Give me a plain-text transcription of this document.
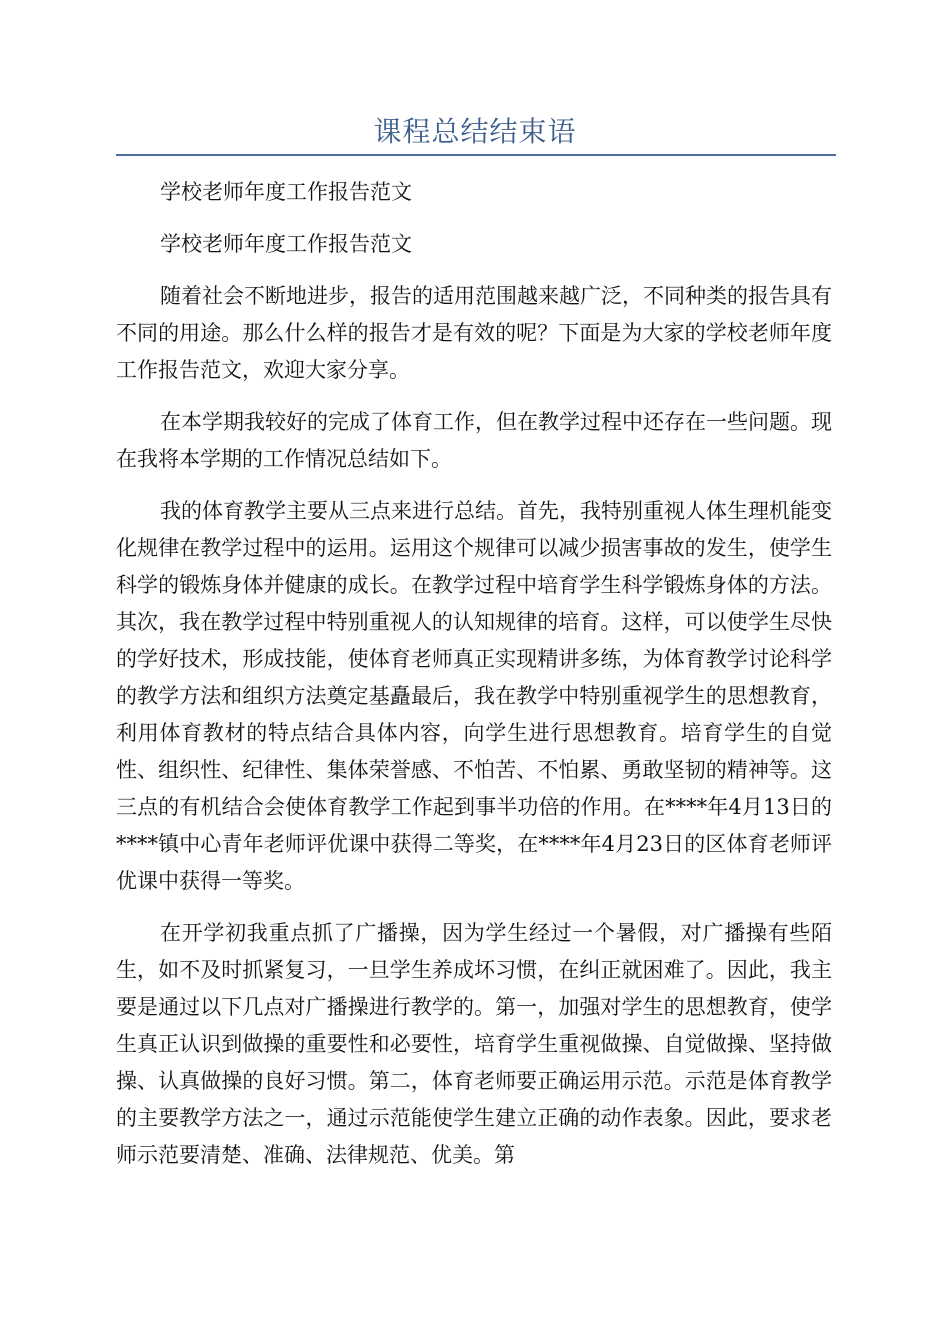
课程总结结束语

学校老师年度工作报告范文

学校老师年度工作报告范文

随着社会不断地进步，报告的适用范围越来越广泛，不同种类的报告具有不同的用途。那么什么样的报告才是有效的呢？下面是为大家的学校老师年度工作报告范文，欢迎大家分享。

在本学期我较好的完成了体育工作，但在教学过程中还存在一些问题。现在我将本学期的工作情况总结如下。

我的体育教学主要从三点来进行总结。首先，我特别重视人体生理机能变化规律在教学过程中的运用。运用这个规律可以减少损害事故的发生，使学生科学的锻炼身体并健康的成长。在教学过程中培育学生科学锻炼身体的方法。其次，我在教学过程中特别重视人的认知规律的培育。这样，可以使学生尽快的学好技术，形成技能，使体育老师真正实现精讲多练，为体育教学讨论科学的教学方法和组织方法奠定基矗最后，我在教学中特别重视学生的思想教育，利用体育教材的特点结合具体内容，向学生进行思想教育。培育学生的自觉性、组织性、纪律性、集体荣誉感、不怕苦、不怕累、勇敢坚韧的精神等。这三点的有机结合会使体育教学工作起到事半功倍的作用。在****年4月13日的****镇中心青年老师评优课中获得二等奖，在****年4月23日的区体育老师评优课中获得一等奖。

在开学初我重点抓了广播操，因为学生经过一个暑假，对广播操有些陌生，如不及时抓紧复习，一旦学生养成坏习惯，在纠正就困难了。因此，我主要是通过以下几点对广播操进行教学的。第一，加强对学生的思想教育，使学生真正认识到做操的重要性和必要性，培育学生重视做操、自觉做操、坚持做操、认真做操的良好习惯。第二，体育老师要正确运用示范。示范是体育教学的主要教学方法之一，通过示范能使学生建立正确的动作表象。因此，要求老师示范要清楚、准确、法律规范、优美。第
